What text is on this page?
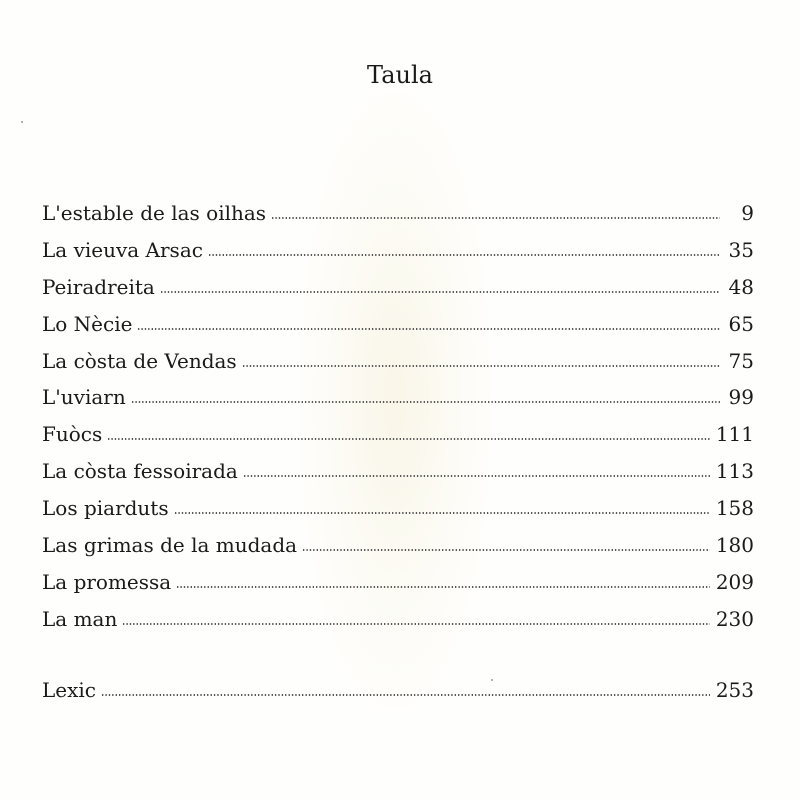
Taula
L'estable de las oilhas	9
La vieuva Arsac	35
Peiradreita	48
Lo Nècie	65
La còsta de Vendas	75
L'uviarn	99
Fuòcs	111
La còsta fessoirada	113
Los piarduts	158
Las grimas de la mudada	180
La promessa	209
La man	230
Lexic	253
